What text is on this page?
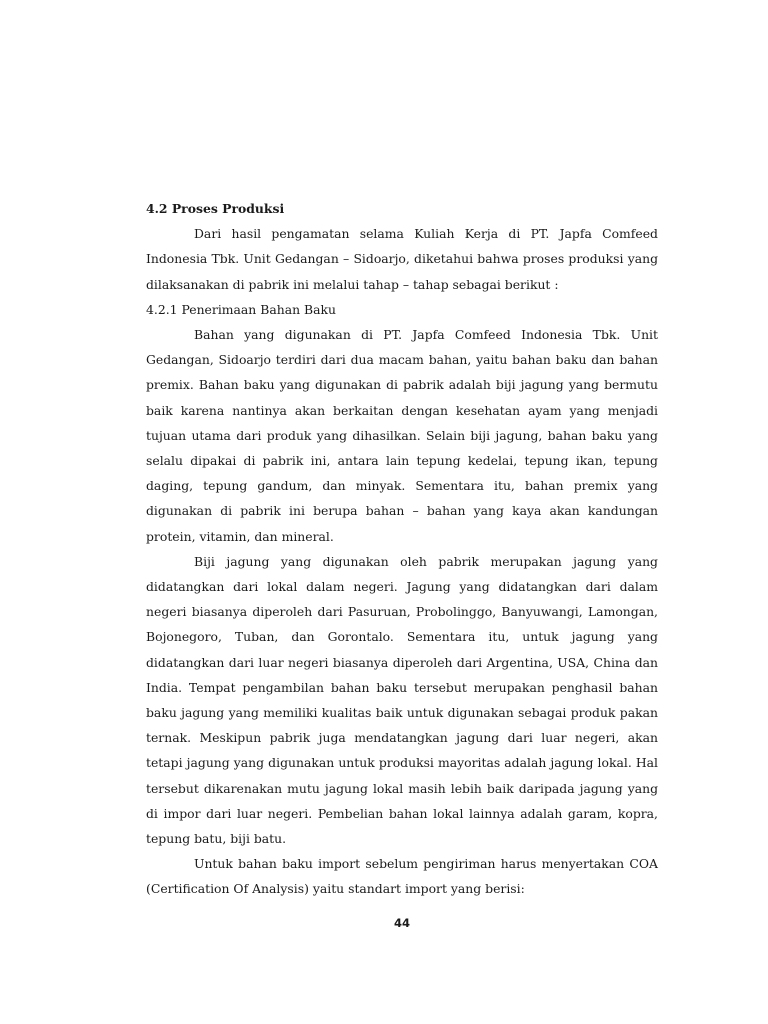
4.2 Proses Produksi

Dari hasil pengamatan selama Kuliah Kerja di PT. Japfa Comfeed Indonesia Tbk. Unit Gedangan – Sidoarjo, diketahui bahwa proses produksi yang dilaksanakan di pabrik ini melalui tahap – tahap sebagai berikut :

4.2.1 Penerimaan Bahan Baku

Bahan yang digunakan di PT. Japfa Comfeed Indonesia Tbk. Unit Gedangan, Sidoarjo terdiri dari dua macam bahan, yaitu bahan baku dan bahan premix. Bahan baku yang digunakan di pabrik adalah biji jagung yang bermutu baik karena nantinya akan berkaitan dengan kesehatan ayam yang menjadi tujuan utama dari produk yang dihasilkan. Selain biji jagung, bahan baku yang selalu dipakai di pabrik ini, antara lain tepung kedelai, tepung ikan, tepung daging, tepung gandum, dan minyak. Sementara itu, bahan premix yang digunakan di pabrik ini berupa bahan – bahan yang kaya akan kandungan protein, vitamin, dan mineral.

Biji jagung yang digunakan oleh pabrik merupakan jagung yang didatangkan dari lokal dalam negeri. Jagung yang didatangkan dari dalam negeri biasanya diperoleh dari Pasuruan, Probolinggo, Banyuwangi, Lamongan, Bojonegoro, Tuban, dan Gorontalo. Sementara itu, untuk jagung yang didatangkan dari luar negeri biasanya diperoleh dari Argentina, USA, China dan India. Tempat pengambilan bahan baku tersebut merupakan penghasil bahan baku jagung yang memiliki kualitas baik untuk digunakan sebagai produk pakan ternak. Meskipun pabrik juga mendatangkan jagung dari luar negeri, akan tetapi jagung yang digunakan untuk produksi mayoritas adalah jagung lokal. Hal tersebut dikarenakan mutu jagung lokal masih lebih baik daripada jagung yang di impor dari luar negeri. Pembelian bahan lokal lainnya adalah garam, kopra, tepung batu, biji batu.

Untuk bahan baku import sebelum pengiriman harus menyertakan COA (Certification Of Analysis) yaitu standart import yang berisi:

44
